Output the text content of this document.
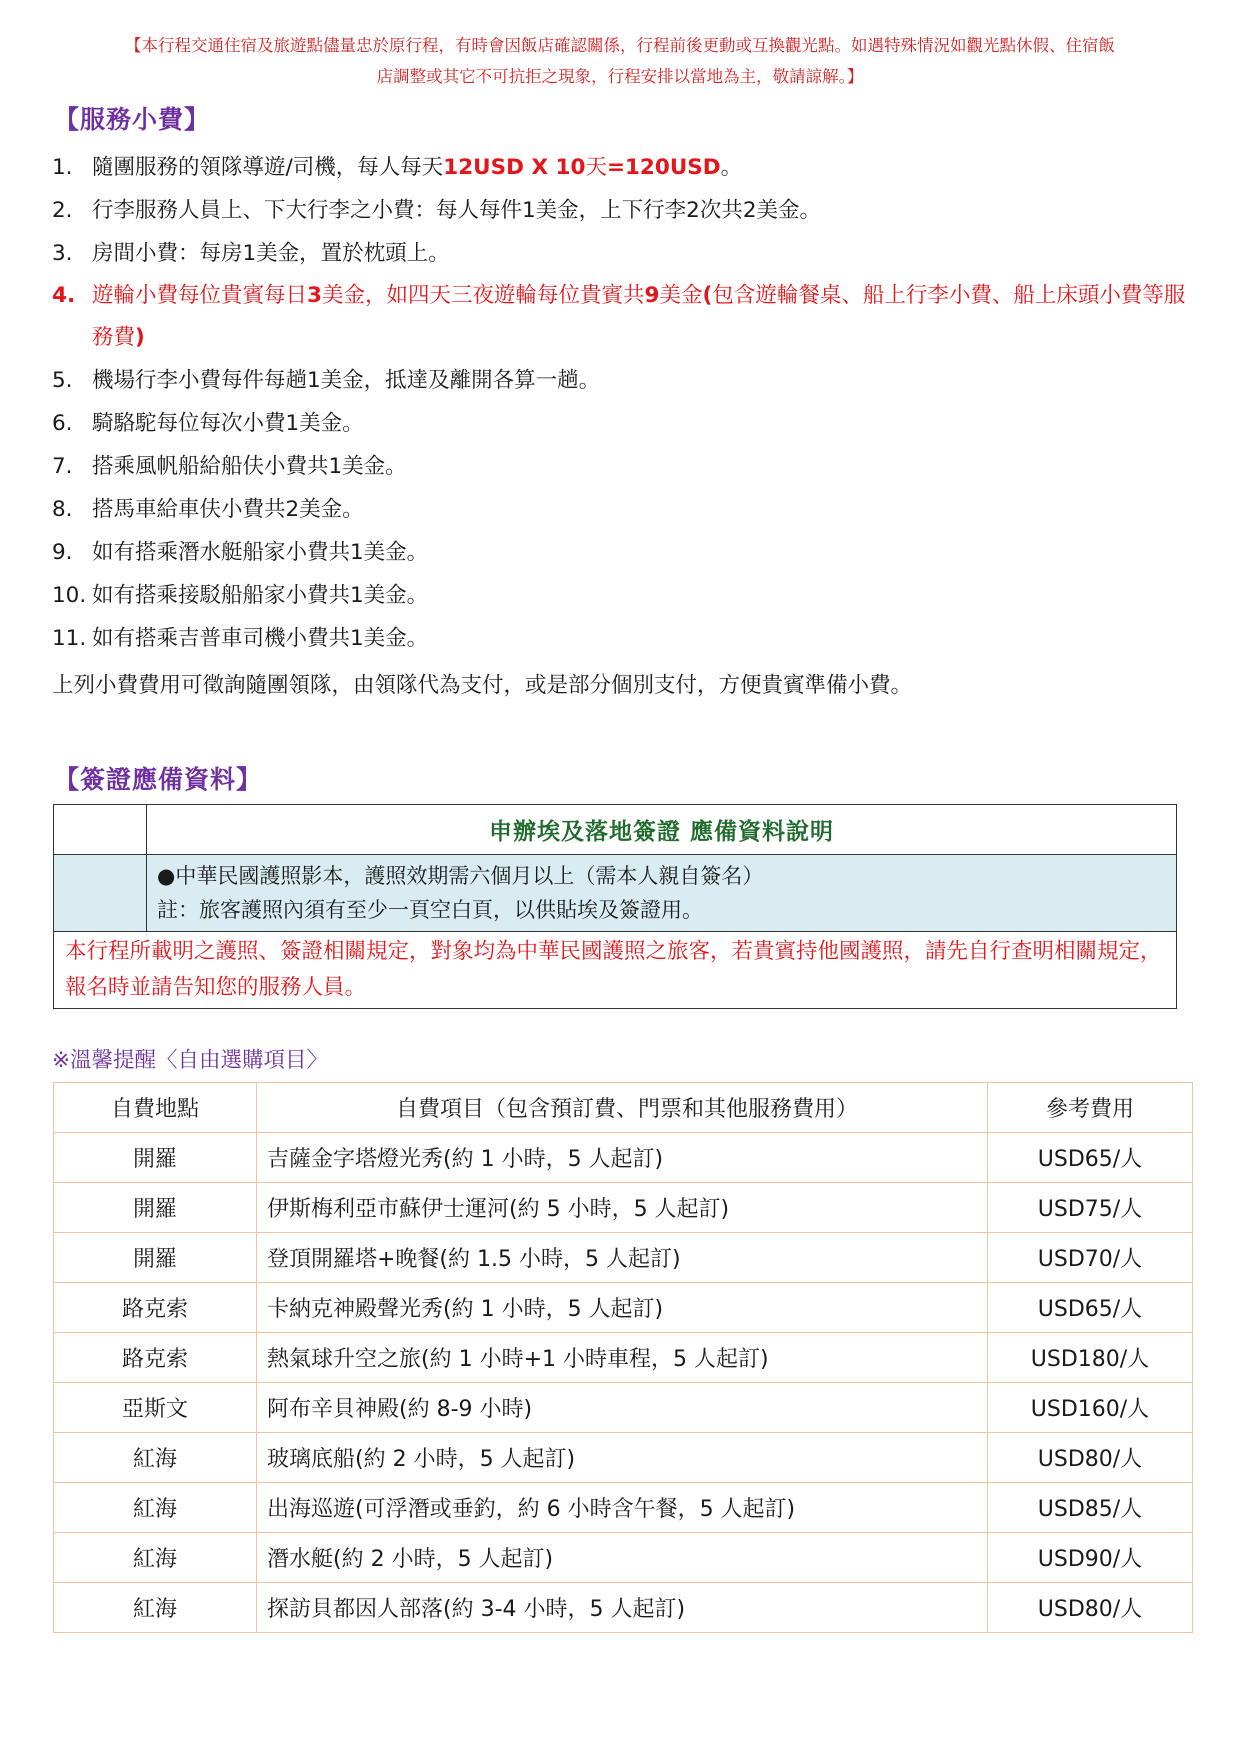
【本行程交通住宿及旅遊點儘量忠於原行程，有時會因飯店確認關係，行程前後更動或互換觀光點。如遇特殊情況如觀光點休假、住宿飯
店調整或其它不可抗拒之現象，行程安排以當地為主，敬請諒解。】
【服務小費】
1. 隨團服務的領隊導遊/司機，每人每天12USD X 10天=120USD。
2. 行李服務人員上、下大行李之小費：每人每件1美金，上下行李2次共2美金。
3. 房間小費：每房1美金，置於枕頭上。
4. 遊輪小費每位貴賓每日3美金，如四天三夜遊輪每位貴賓共9美金(包含遊輪餐桌、船上行李小費、船上床頭小費等服務費)
5. 機場行李小費每件每趟1美金，抵達及離開各算一趟。
6. 騎駱駝每位每次小費1美金。
7. 搭乘風帆船給船伕小費共1美金。
8. 搭馬車給車伕小費共2美金。
9. 如有搭乘潛水艇船家小費共1美金。
10. 如有搭乘接駁船船家小費共1美金。
11. 如有搭乘吉普車司機小費共1美金。
上列小費費用可徵詢隨團領隊，由領隊代為支付，或是部分個別支付，方便貴賓準備小費。
【簽證應備資料】
	申辦埃及落地簽證 應備資料說明

	●中華民國護照影本，護照效期需六個月以上（需本人親自簽名）
註：旅客護照內須有至少一頁空白頁，以供貼埃及簽證用。

本行程所載明之護照、簽證相關規定，對象均為中華民國護照之旅客，若貴賓持他國護照，請先自行查明相關規定，報名時並請告知您的服務人員。	
※溫馨提醒〈自由選購項目〉
自費地點	自費項目（包含預訂費、門票和其他服務費用）	參考費用
開羅	吉薩金字塔燈光秀(約 1 小時，5 人起訂)	USD65/人
開羅	伊斯梅利亞市蘇伊士運河(約 5 小時，5 人起訂)	USD75/人
開羅	登頂開羅塔+晚餐(約 1.5 小時，5 人起訂)	USD70/人
路克索	卡納克神殿聲光秀(約 1 小時，5 人起訂)	USD65/人
路克索	熱氣球升空之旅(約 1 小時+1 小時車程，5 人起訂)	USD180/人
亞斯文	阿布辛貝神殿(約 8-9 小時)	USD160/人
紅海	玻璃底船(約 2 小時，5 人起訂)	USD80/人
紅海	出海巡遊(可浮潛或垂釣，約 6 小時含午餐，5 人起訂)	USD85/人
紅海	潛水艇(約 2 小時，5 人起訂)	USD90/人
紅海	探訪貝都因人部落(約 3-4 小時，5 人起訂)	USD80/人
